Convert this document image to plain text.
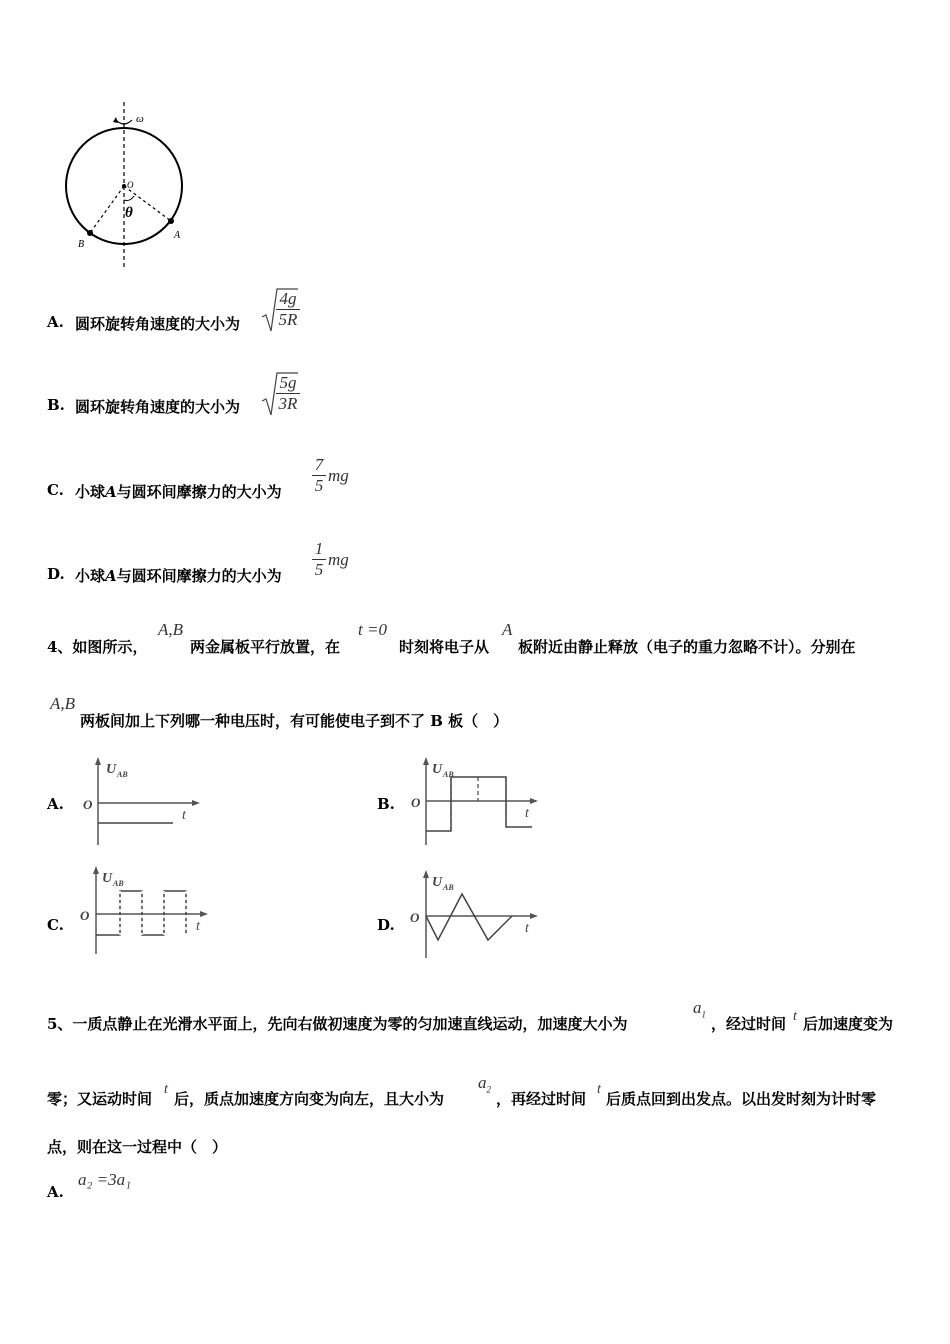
ω
O
θ
A
B
A. 圆环旋转角速度的大小为 $\frac{4g}{5R}$
B. 圆环旋转角速度的大小为 $\frac{5g}{3R}$
C. 小球A与圆环间摩擦力的大小为 $\frac{7}{5}$ mg
D. 小球A与圆环间摩擦力的大小为 $\frac{1}{5}$ mg
4、如图所示，
A,B
两金属板平行放置，在
t =0
时刻将电子从
A
板附近由静止释放（电子的重力忽略不计）。分别在
A,B
两板间加上下列哪一种电压时，有可能使电子到不了 B 板（　）
A.	B.
C.	D.
U AB
O
t
U AB
O
t
U AB
O
t
U AB
O
t
5、一质点静止在光滑水平面上，先向右做初速度为零的匀加速直线运动，加速度大小为
$a_1$
，经过时间 t 后加速度变为
零；又运动时间
t
后，质点加速度方向变为向左，且大小为
$a_2$
，再经过时间
t
后质点回到出发点。以出发时刻为计时零
点，则在这一过程中（　）
A.
a₂ =3a₁
